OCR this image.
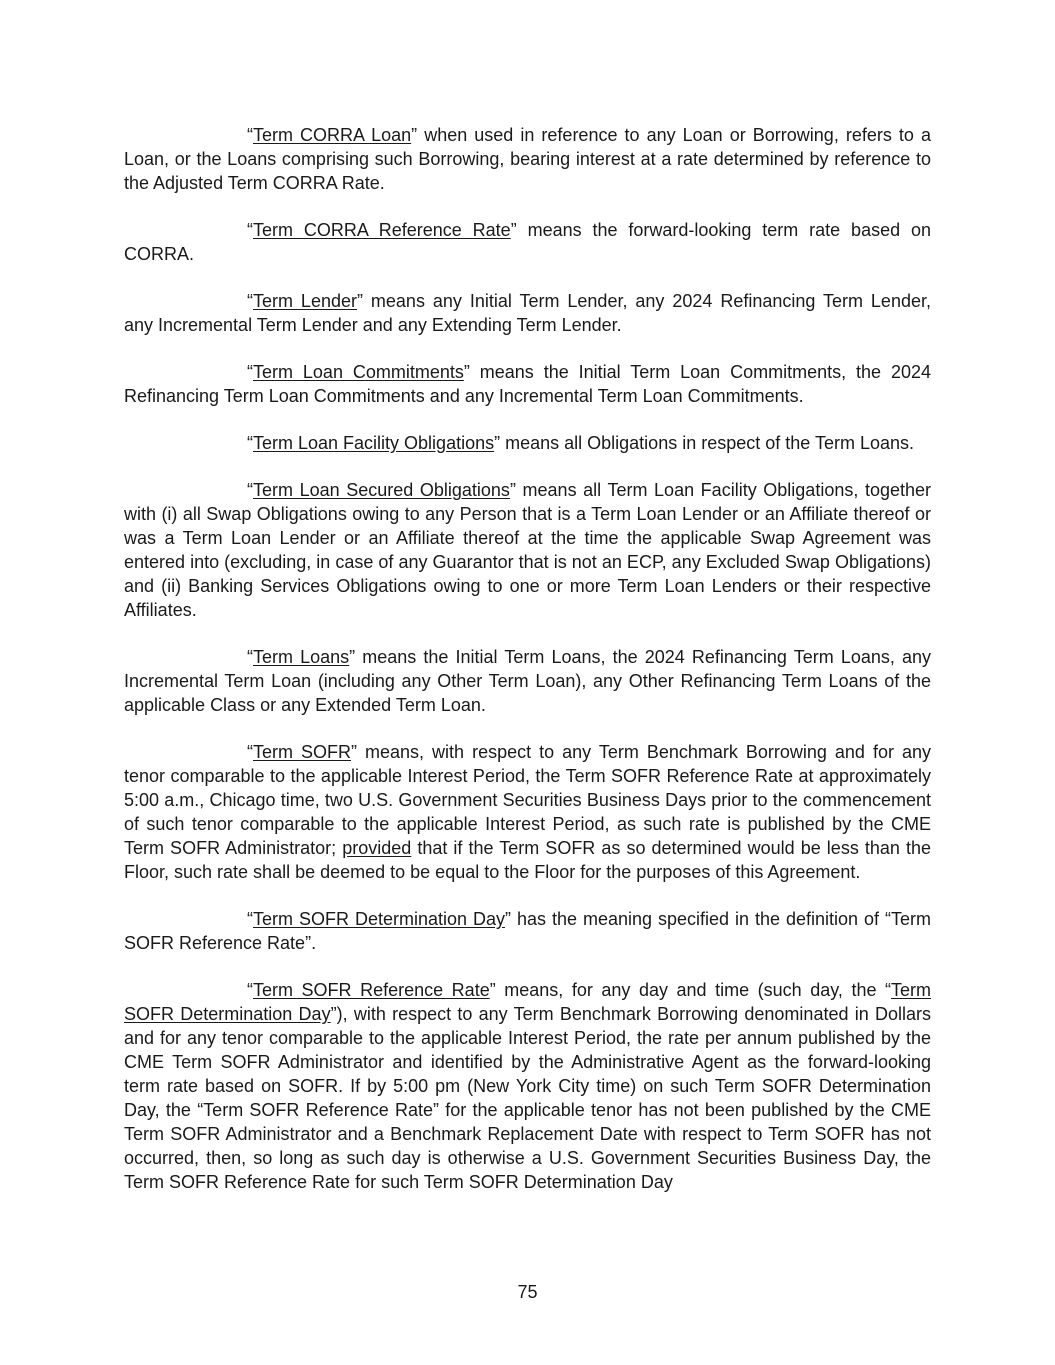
“Term CORRA Loan” when used in reference to any Loan or Borrowing, refers to a Loan, or the Loans comprising such Borrowing, bearing interest at a rate determined by reference to the Adjusted Term CORRA Rate.

“Term CORRA Reference Rate” means the forward-looking term rate based on CORRA.

“Term Lender” means any Initial Term Lender, any 2024 Refinancing Term Lender, any Incremental Term Lender and any Extending Term Lender.

“Term Loan Commitments” means the Initial Term Loan Commitments, the 2024 Refinancing Term Loan Commitments and any Incremental Term Loan Commitments.

“Term Loan Facility Obligations” means all Obligations in respect of the Term Loans.

“Term Loan Secured Obligations” means all Term Loan Facility Obligations, together with (i) all Swap Obligations owing to any Person that is a Term Loan Lender or an Affiliate thereof or was a Term Loan Lender or an Affiliate thereof at the time the applicable Swap Agreement was entered into (excluding, in case of any Guarantor that is not an ECP, any Excluded Swap Obligations) and (ii) Banking Services Obligations owing to one or more Term Loan Lenders or their respective Affiliates.

“Term Loans” means the Initial Term Loans, the 2024 Refinancing Term Loans, any Incremental Term Loan (including any Other Term Loan), any Other Refinancing Term Loans of the applicable Class or any Extended Term Loan.

“Term SOFR” means, with respect to any Term Benchmark Borrowing and for any tenor comparable to the applicable Interest Period, the Term SOFR Reference Rate at approximately 5:00 a.m., Chicago time, two U.S. Government Securities Business Days prior to the commencement of such tenor comparable to the applicable Interest Period, as such rate is published by the CME Term SOFR Administrator; provided that if the Term SOFR as so determined would be less than the Floor, such rate shall be deemed to be equal to the Floor for the purposes of this Agreement.

“Term SOFR Determination Day” has the meaning specified in the definition of “Term SOFR Reference Rate”.

“Term SOFR Reference Rate” means, for any day and time (such day, the “Term SOFR Determination Day”), with respect to any Term Benchmark Borrowing denominated in Dollars and for any tenor comparable to the applicable Interest Period, the rate per annum published by the CME Term SOFR Administrator and identified by the Administrative Agent as the forward-looking term rate based on SOFR. If by 5:00 pm (New York City time) on such Term SOFR Determination Day, the “Term SOFR Reference Rate” for the applicable tenor has not been published by the CME Term SOFR Administrator and a Benchmark Replacement Date with respect to Term SOFR has not occurred, then, so long as such day is otherwise a U.S. Government Securities Business Day, the Term SOFR Reference Rate for such Term SOFR Determination Day

75
